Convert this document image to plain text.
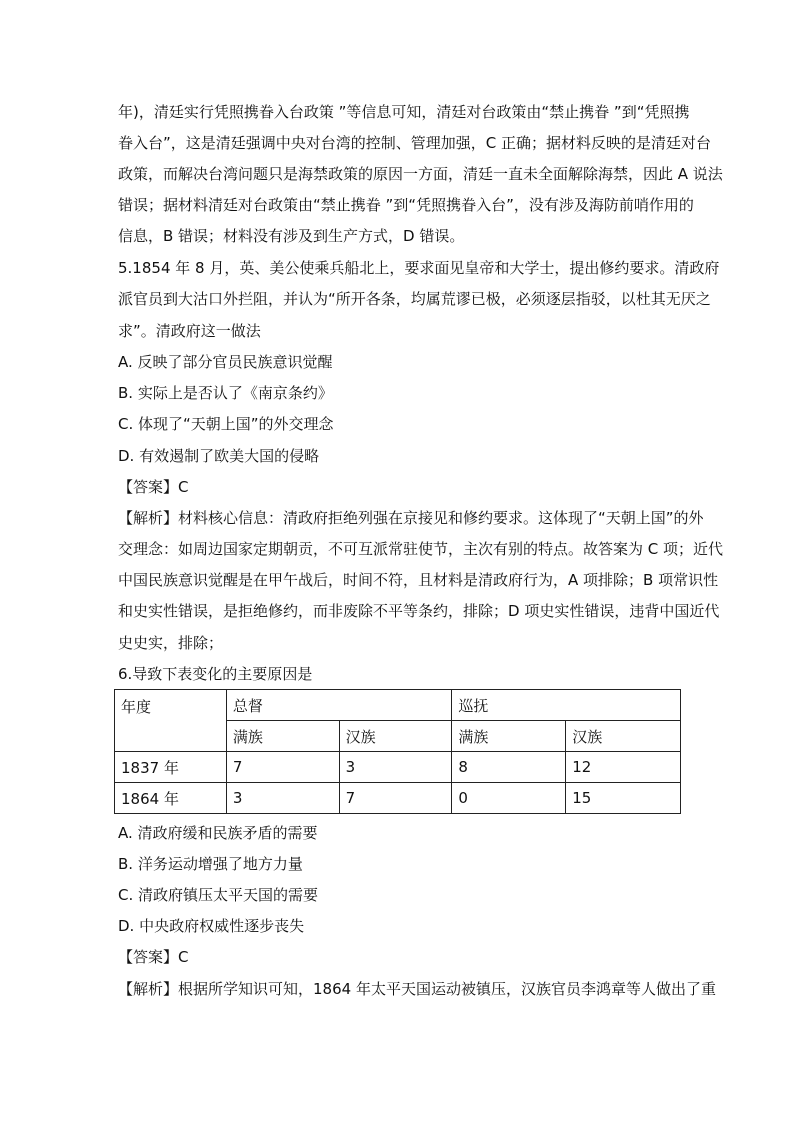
年)，清廷实行凭照携眷入台政策 ”等信息可知，清廷对台政策由“禁止携眷 ”到“凭照携
眷入台”，这是清廷强调中央对台湾的控制、管理加强，C 正确；据材料反映的是清廷对台
政策，而解决台湾问题只是海禁政策的原因一方面，清廷一直未全面解除海禁，因此 A 说法
错误；据材料清廷对台政策由“禁止携眷 ”到“凭照携眷入台”，没有涉及海防前哨作用的
信息，B 错误；材料没有涉及到生产方式，D 错误。
5.1854 年 8 月，英、美公使乘兵船北上，要求面见皇帝和大学士，提出修约要求。清政府
派官员到大沽口外拦阻，并认为“所开各条，均属荒谬已极，必须逐层指驳，以杜其无厌之
求”。清政府这一做法
A. 反映了部分官员民族意识觉醒
B. 实际上是否认了《南京条约》
C. 体现了“天朝上国”的外交理念
D. 有效遏制了欧美大国的侵略
【答案】C
【解析】材料核心信息：清政府拒绝列强在京接见和修约要求。这体现了“天朝上国”的外
交理念：如周边国家定期朝贡，不可互派常驻使节，主次有别的特点。故答案为 C 项；近代
中国民族意识觉醒是在甲午战后，时间不符，且材料是清政府行为，A 项排除；B 项常识性
和史实性错误，是拒绝修约，而非废除不平等条约，排除；D 项史实性错误，违背中国近代
史史实，排除；
6.导致下表变化的主要原因是
年度	总督		巡抚	
	满族	汉族	满族	汉族
1837 年	7	3	8	12
1864 年	3	7	0	15
A. 清政府缓和民族矛盾的需要
B. 洋务运动增强了地方力量
C. 清政府镇压太平天国的需要
D. 中央政府权威性逐步丧失
【答案】C
【解析】根据所学知识可知，1864 年太平天国运动被镇压，汉族官员李鸿章等人做出了重
